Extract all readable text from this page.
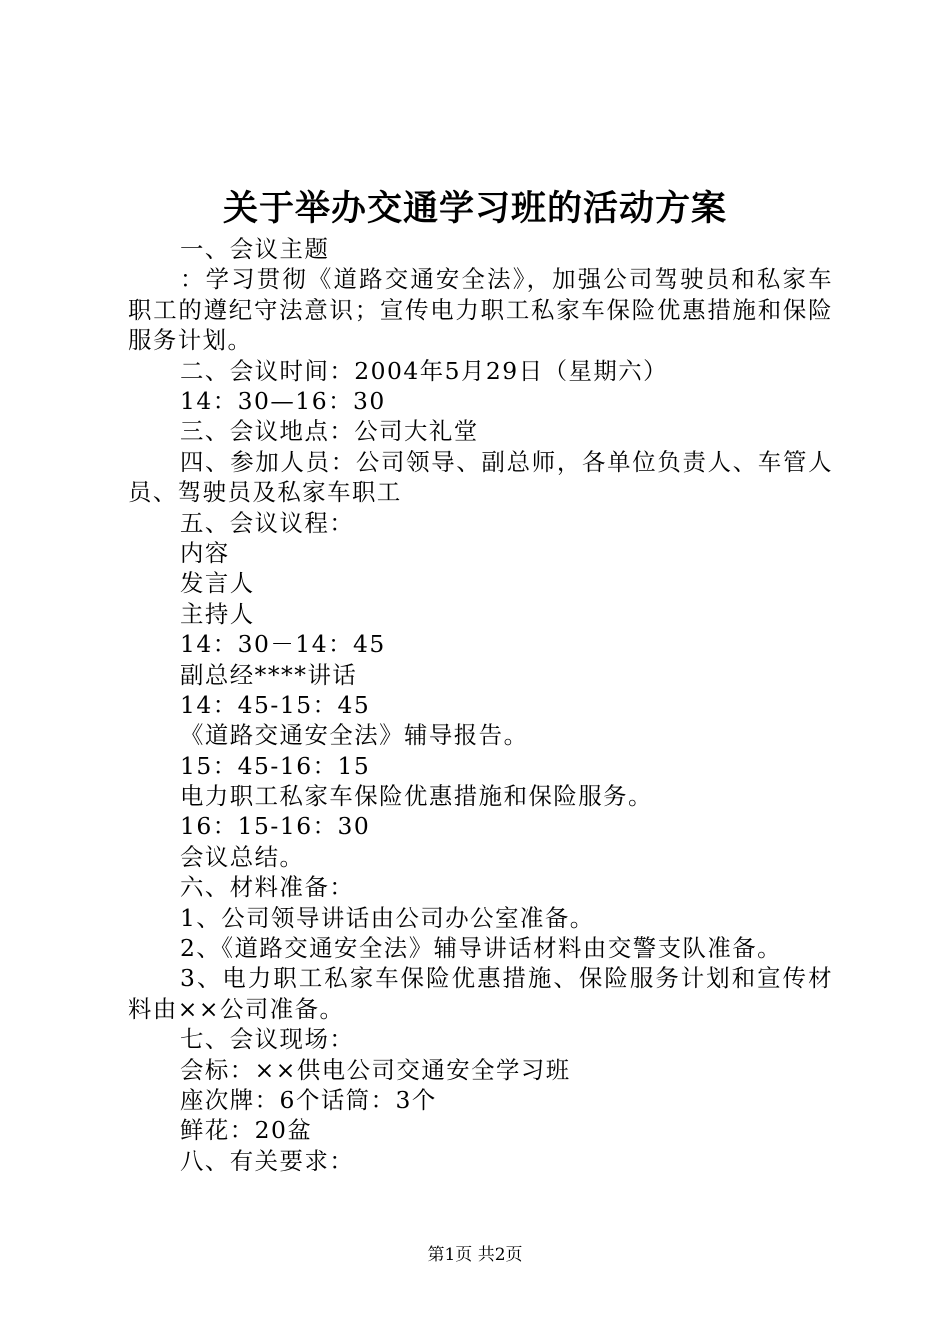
关于举办交通学习班的活动方案
一、会议主题
：学习贯彻《道路交通安全法》，加强公司驾驶员和私家车职工的遵纪守法意识；宣传电力职工私家车保险优惠措施和保险服务计划。
二、会议时间：2004年5月29日（星期六）
14：30—16：30
三、会议地点：公司大礼堂
四、参加人员：公司领导、副总师，各单位负责人、车管人员、驾驶员及私家车职工
五、会议议程：
内容
发言人
主持人
14：30－14：45
副总经****讲话
14：45-15：45
《道路交通安全法》辅导报告。
15：45-16：15
电力职工私家车保险优惠措施和保险服务。
16：15-16：30
会议总结。
六、材料准备：
1、公司领导讲话由公司办公室准备。
2、《道路交通安全法》辅导讲话材料由交警支队准备。
3、电力职工私家车保险优惠措施、保险服务计划和宣传材料由××公司准备。
七、会议现场：
会标：××供电公司交通安全学习班
座次牌：6个话筒：3个
鲜花：20盆
八、有关要求：
第1页 共2页
